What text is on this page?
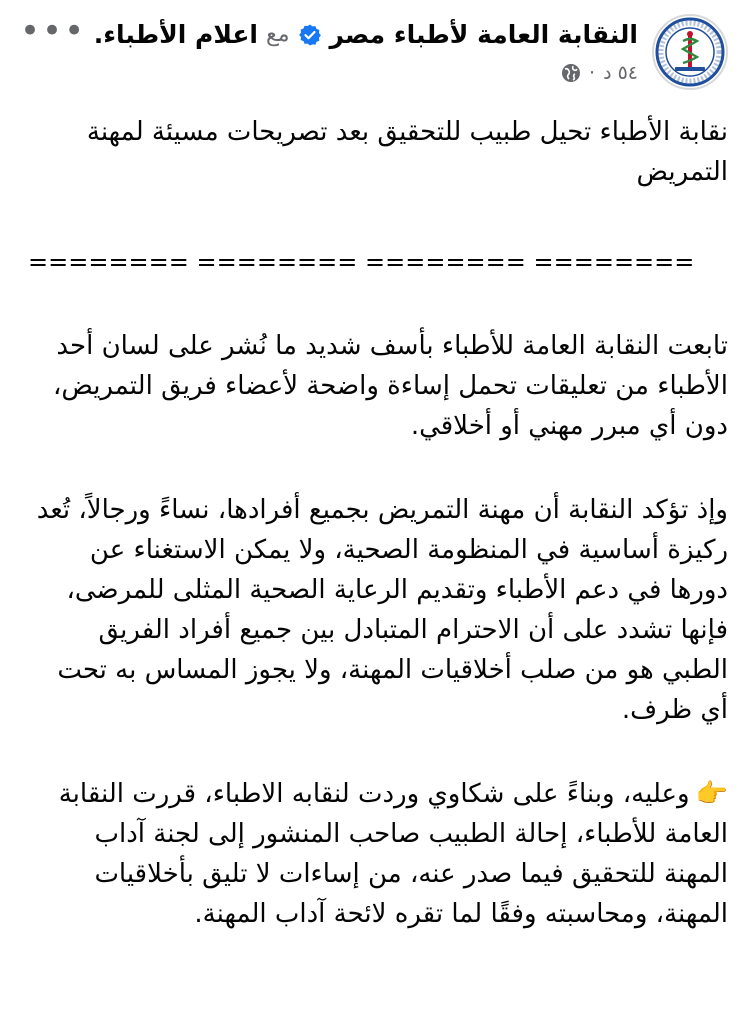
النقابة العامة لأطباء مصر
مع
اعلام الأطباء.
٥٤ د
·
•••

نقابة الأطباء تحيل طبيب للتحقيق بعد تصريحات مسيئة لمهنة التمريض

======== ======== ======== ========

تابعت النقابة العامة للأطباء بأسف شديد ما نُشر على لسان أحد الأطباء من تعليقات تحمل إساءة واضحة لأعضاء فريق التمريض، دون أي مبرر مهني أو أخلاقي.

وإذ تؤكد النقابة أن مهنة التمريض بجميع أفرادها، نساءً ورجالاً، تُعد ركيزة أساسية في المنظومة الصحية، ولا يمكن الاستغناء عن دورها في دعم الأطباء وتقديم الرعاية الصحية المثلى للمرضى، فإنها تشدد على أن الاحترام المتبادل بين جميع أفراد الفريق الطبي هو من صلب أخلاقيات المهنة، ولا يجوز المساس به تحت أي ظرف.

👉وعليه، وبناءً على شكاوي وردت لنقابه الاطباء، قررت النقابة العامة للأطباء، إحالة الطبيب صاحب المنشور إلى لجنة آداب المهنة للتحقيق فيما صدر عنه، من إساءات لا تليق بأخلاقيات المهنة، ومحاسبته وفقًا لما تقره لائحة آداب المهنة.
